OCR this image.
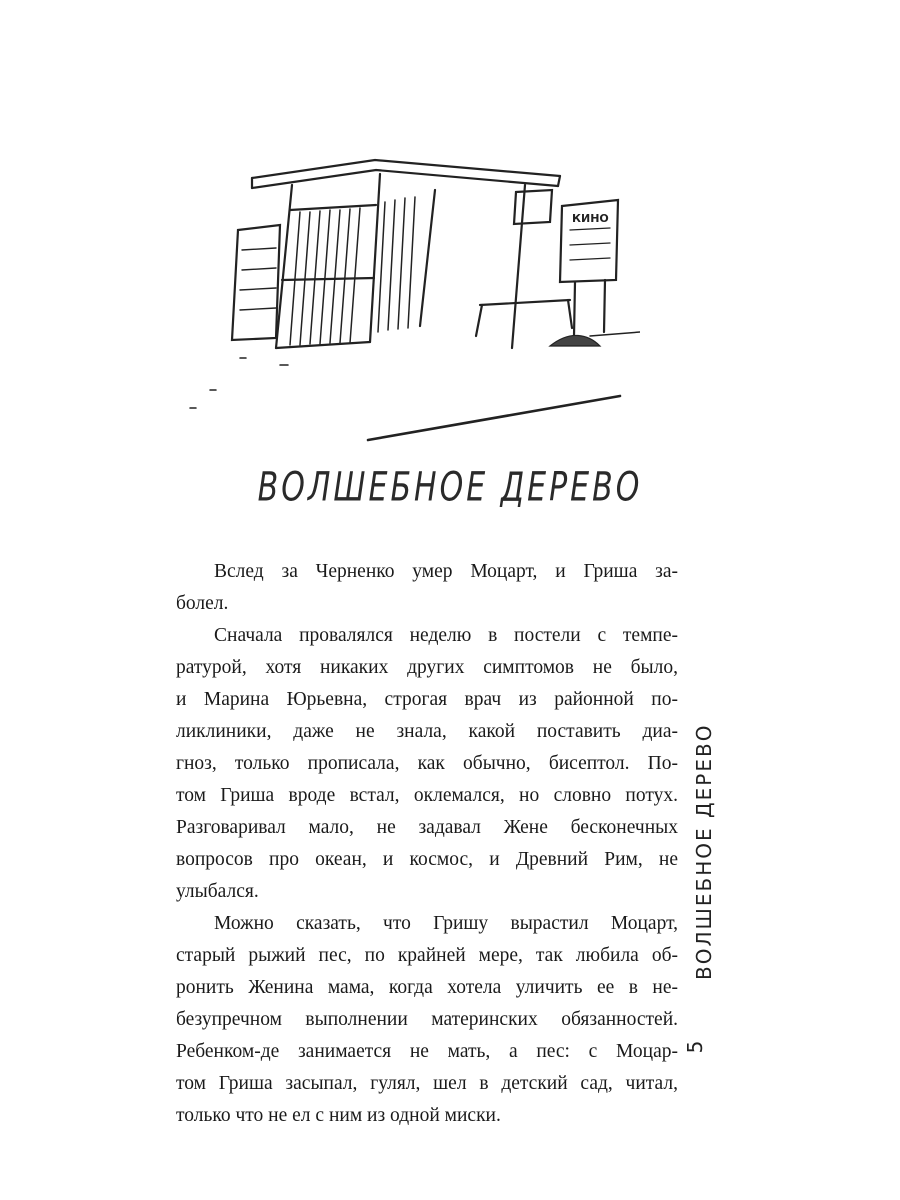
КИНО
ВОЛШЕБНОЕ ДЕРЕВО
Вслед за Черненко умер Моцарт, и Гриша за-
болел.
Сначала провалялся неделю в постели с темпе-
ратурой, хотя никаких других симптомов не было,
и Марина Юрьевна, строгая врач из районной по-
ликлиники, даже не знала, какой поставить диа-
гноз, только прописала, как обычно, бисептол. По-
том Гриша вроде встал, оклемался, но словно потух.
Разговаривал мало, не задавал Жене бесконечных
вопросов про океан, и космос, и Древний Рим, не
улыбался.
Можно сказать, что Гришу вырастил Моцарт,
старый рыжий пес, по крайней мере, так любила об-
ронить Женина мама, когда хотела уличить ее в не-
безупречном выполнении материнских обязанностей.
Ребенком-де занимается не мать, а пес: с Моцар-
том Гриша засыпал, гулял, шел в детский сад, читал,
только что не ел с ним из одной миски.
ВОЛШЕБНОЕ ДЕРЕВО
5
